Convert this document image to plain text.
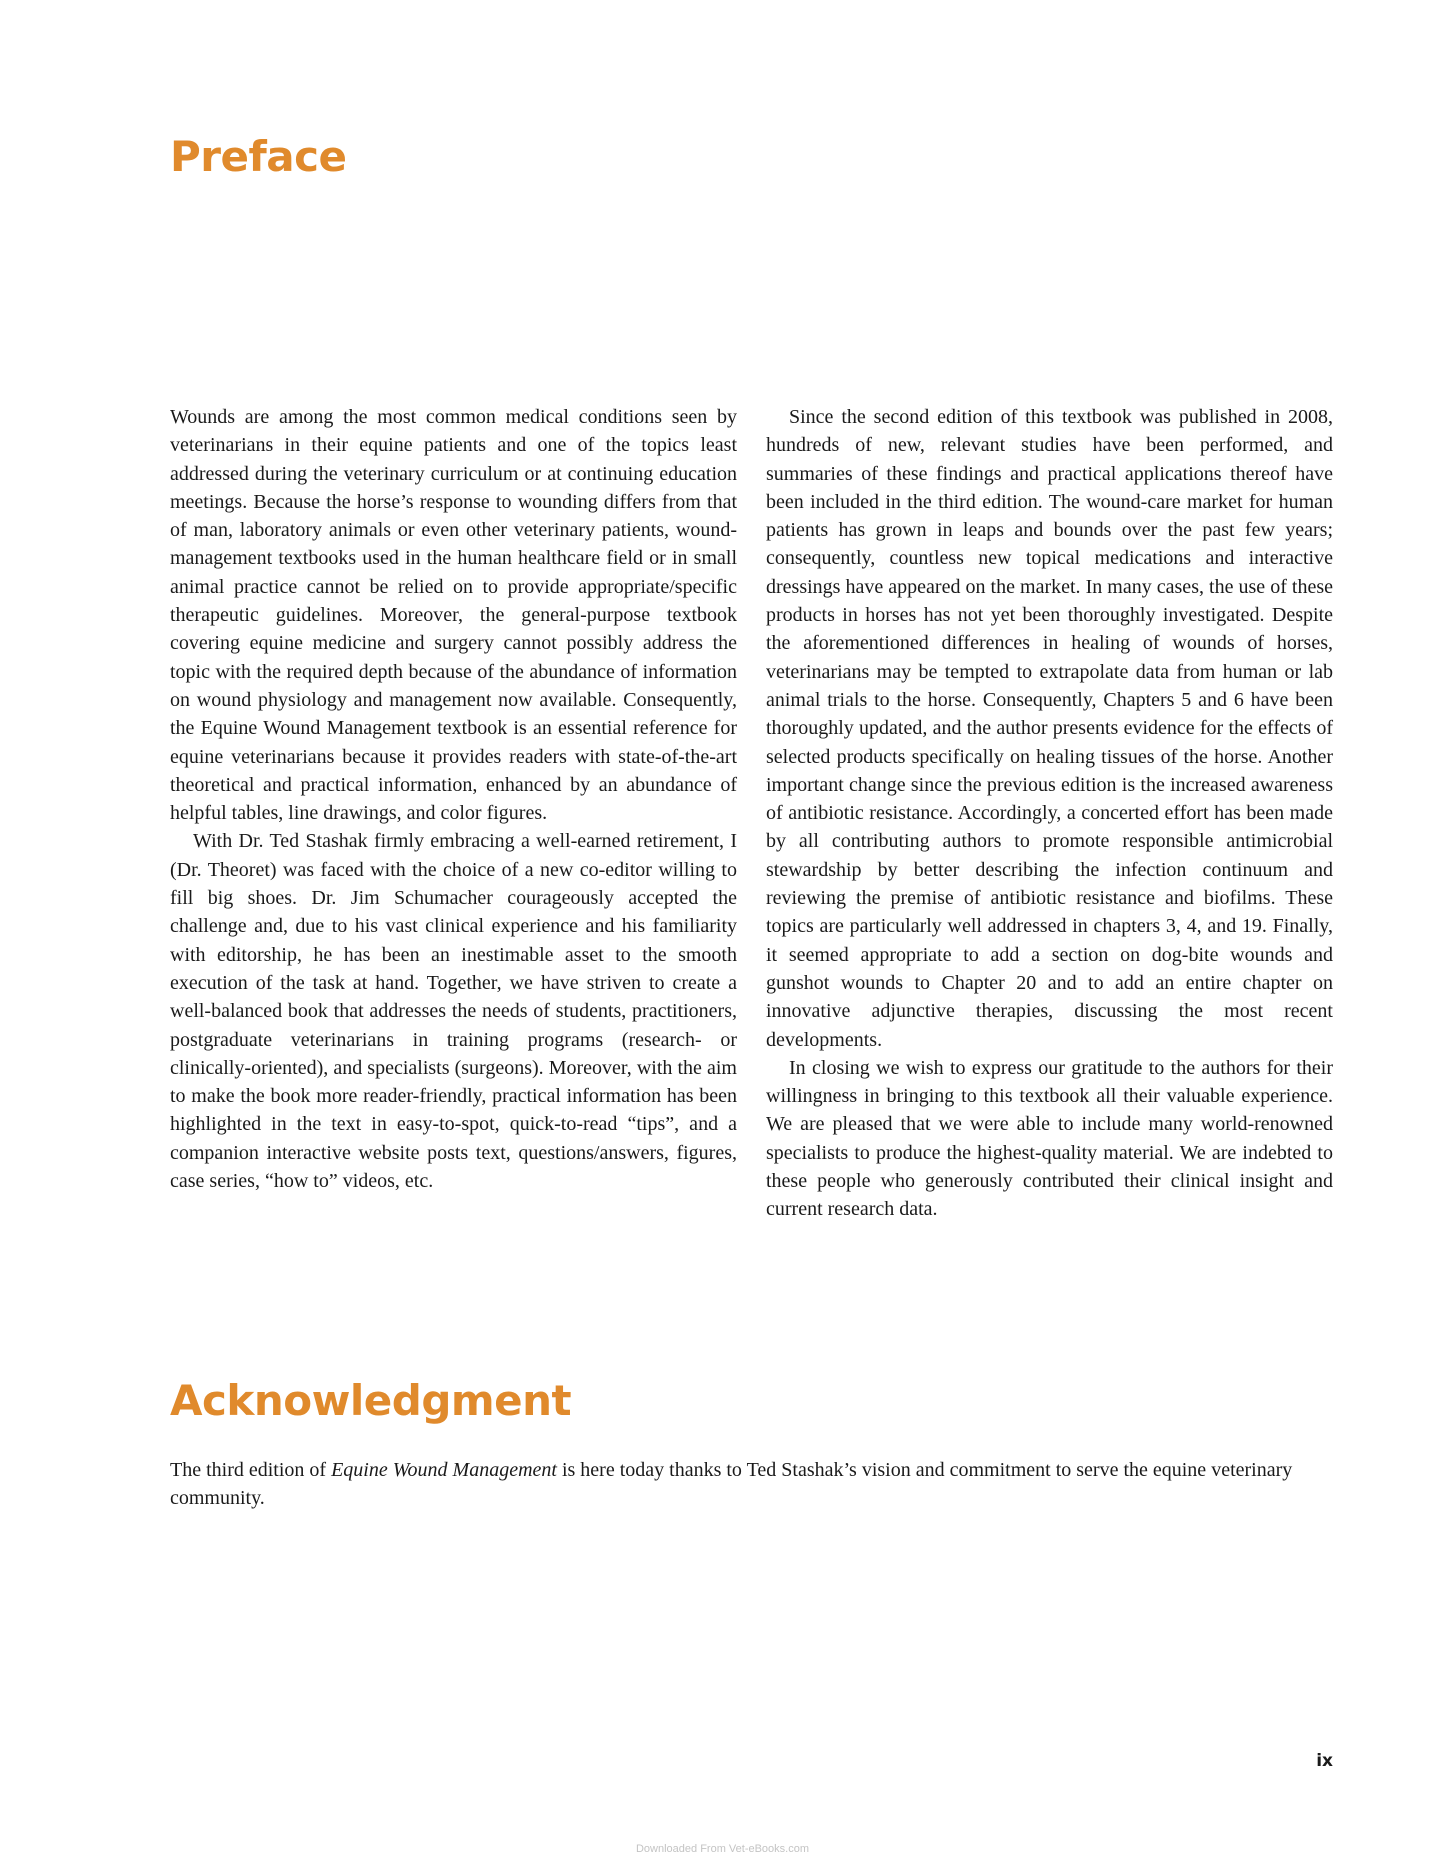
Preface

Wounds are among the most common medical conditions seen by veterinarians in their equine patients and one of the topics least addressed during the veterinary curriculum or at continuing education meetings. Because the horse’s response to wounding differs from that of man, laboratory animals or even other veterinary patients, wound-management textbooks used in the human healthcare field or in small animal practice cannot be relied on to provide appropriate/specific therapeutic guidelines. Moreover, the general-purpose textbook covering equine medicine and surgery cannot possibly address the topic with the required depth because of the abundance of information on wound physiology and management now available. Consequently, the Equine Wound Management textbook is an essential reference for equine veterinarians because it provides readers with state-of-the-art theoretical and practical information, enhanced by an abundance of helpful tables, line drawings, and color figures.

With Dr. Ted Stashak firmly embracing a well-earned retirement, I (Dr. Theoret) was faced with the choice of a new co-editor willing to fill big shoes. Dr. Jim Schumacher courageously accepted the challenge and, due to his vast clinical experience and his familiarity with editorship, he has been an inestimable asset to the smooth execution of the task at hand. Together, we have striven to create a well-balanced book that addresses the needs of students, practitioners, postgraduate veterinarians in training programs (research- or clinically-oriented), and specialists (surgeons). Moreover, with the aim to make the book more reader-friendly, practical information has been highlighted in the text in easy-to-spot, quick-to-read “tips”, and a companion interactive website posts text, questions/answers, figures, case series, “how to” videos, etc.

Since the second edition of this textbook was published in 2008, hundreds of new, relevant studies have been performed, and summaries of these findings and practical applications thereof have been included in the third edition. The wound-care market for human patients has grown in leaps and bounds over the past few years; consequently, countless new topical medications and interactive dressings have appeared on the market. In many cases, the use of these products in horses has not yet been thoroughly investigated. Despite the aforementioned differences in healing of wounds of horses, veterinarians may be tempted to extrapolate data from human or lab animal trials to the horse. Consequently, Chapters 5 and 6 have been thoroughly updated, and the author presents evidence for the effects of selected products specifically on healing tissues of the horse. Another important change since the previous edition is the increased awareness of antibiotic resistance. Accordingly, a concerted effort has been made by all contributing authors to promote responsible antimicrobial stewardship by better describing the infection continuum and reviewing the premise of antibiotic resistance and biofilms. These topics are particularly well addressed in chapters 3, 4, and 19. Finally, it seemed appropriate to add a section on dog-bite wounds and gunshot wounds to Chapter 20 and to add an entire chapter on innovative adjunctive therapies, discussing the most recent developments.

In closing we wish to express our gratitude to the authors for their willingness in bringing to this textbook all their valuable experience. We are pleased that we were able to include many world-renowned specialists to produce the highest-quality material. We are indebted to these people who generously contributed their clinical insight and current research data.

Acknowledgment

The third edition of Equine Wound Management is here today thanks to Ted Stashak’s vision and commitment to serve the equine veterinary community.

ix

Downloaded From Vet-eBooks.com
